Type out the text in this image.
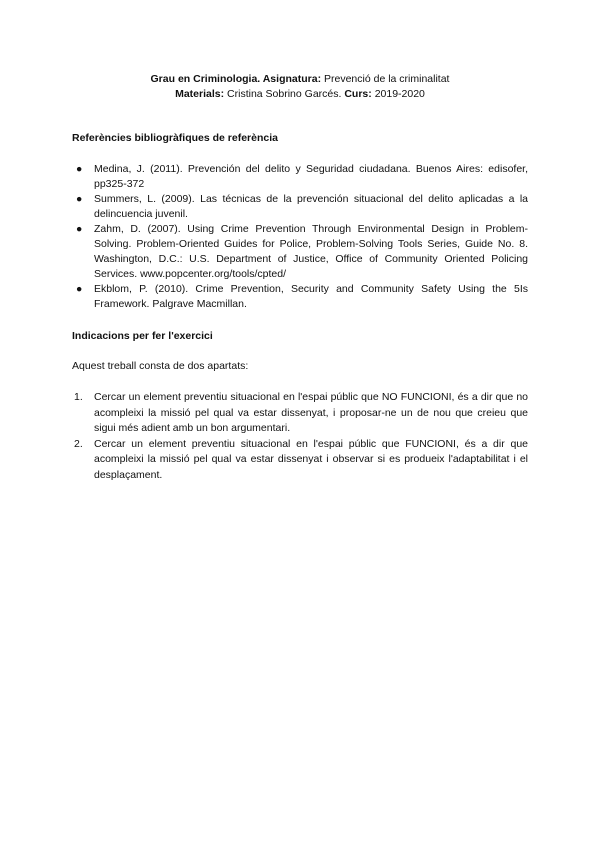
Grau en Criminologia. Asignatura: Prevenció de la criminalitat
Materials: Cristina Sobrino Garcés. Curs: 2019-2020
Referències bibliogràfiques de referència
● Medina, J. (2011). Prevención del delito y Seguridad ciudadana. Buenos Aires: edisofer, pp325-372
● Summers, L. (2009). Las técnicas de la prevención situacional del delito aplicadas a la delincuencia juvenil.
● Zahm, D. (2007). Using Crime Prevention Through Environmental Design in Problem- Solving. Problem-Oriented Guides for Police, Problem-Solving Tools Series, Guide No. 8. Washington, D.C.: U.S. Department of Justice, Office of Community Oriented Policing Services. www.popcenter.org/tools/cpted/
● Ekblom, P. (2010). Crime Prevention, Security and Community Safety Using the 5Is Framework. Palgrave Macmillan.
Indicacions per fer l'exercici
Aquest treball consta de dos apartats:
1. Cercar un element preventiu situacional en l'espai públic que NO FUNCIONI, és a dir que no acompleixi la missió pel qual va estar dissenyat, i proposar-ne un de nou que creieu que sigui més adient amb un bon argumentari.
2. Cercar un element preventiu situacional en l'espai públic que FUNCIONI, és a dir que acompleixi la missió pel qual va estar dissenyat i observar si es produeix l'adaptabilitat i el desplaçament.
